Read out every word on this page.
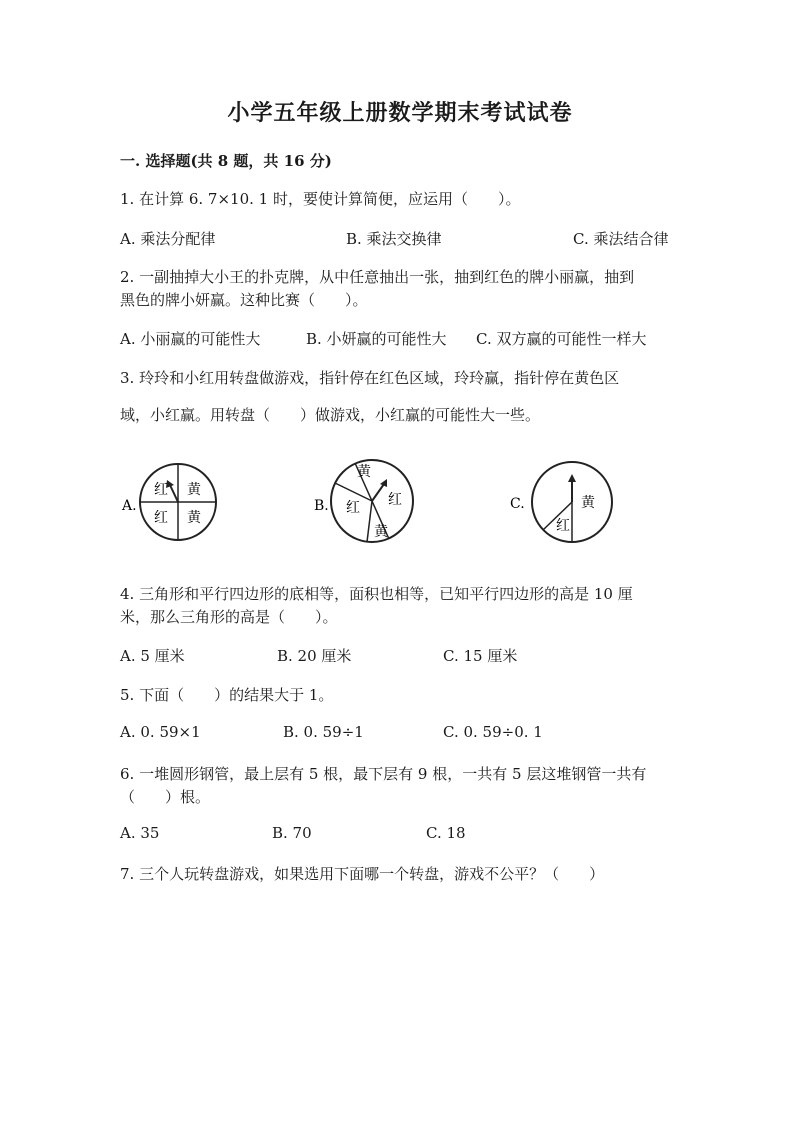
小学五年级上册数学期末考试试卷
一. 选择题(共 8 题，共 16 分)
1. 在计算 6. 7×10. 1 时，要使计算简便，应运用（　　）。
A. 乘法分配律	B. 乘法交换律	C. 乘法结合律
2. 一副抽掉大小王的扑克牌，从中任意抽出一张，抽到红色的牌小丽赢，抽到
黑色的牌小妍赢。这种比赛（　　）。
A. 小丽赢的可能性大	B. 小妍赢的可能性大 C. 双方赢的可能性一样大
3. 玲玲和小红用转盘做游戏，指针停在红色区域，玲玲赢，指针停在黄色区
域，小红赢。用转盘（　　）做游戏，小红赢的可能性大一些。
A.
红 黄
红 黄
B.
黄
红
红
黄
C.	黄
红
4. 三角形和平行四边形的底相等，面积也相等，已知平行四边形的高是 10 厘
米，那么三角形的高是（　　）。
A. 5 厘米	B. 20 厘米	C. 15 厘米
5. 下面（　　）的结果大于 1。
A. 0. 59×1	B. 0. 59÷1	C. 0. 59÷0. 1
6. 一堆圆形钢管，最上层有 5 根，最下层有 9 根，一共有 5 层这堆钢管一共有
（　　）根。
A. 35	B. 70	C. 18
7. 三个人玩转盘游戏，如果选用下面哪一个转盘，游戏不公平？（　　）
